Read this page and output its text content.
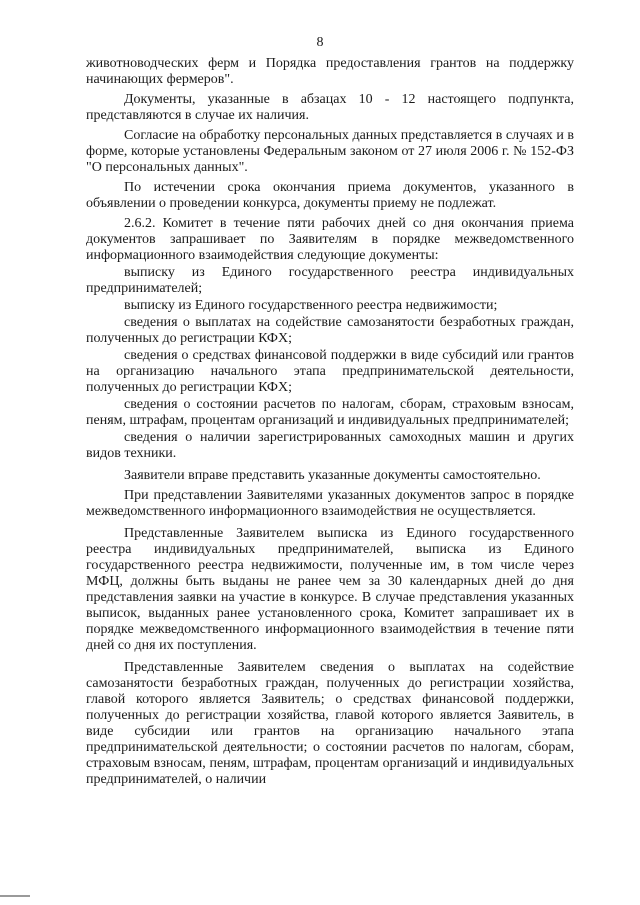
8

животноводческих ферм и Порядка предоставления грантов на поддержку начинающих фермеров".

Документы, указанные в абзацах 10 - 12 настоящего подпункта, представляются в случае их наличия.

Согласие на обработку персональных данных представляется в случаях и в форме, которые установлены Федеральным законом от 27 июля 2006 г. № 152-ФЗ "О персональных данных".

По истечении срока окончания приема документов, указанного в объявлении о проведении конкурса, документы приему не подлежат.

2.6.2. Комитет в течение пяти рабочих дней со дня окончания приема документов запрашивает по Заявителям в порядке межведомственного информационного взаимодействия следующие документы:

выписку из Единого государственного реестра индивидуальных предпринимателей;

выписку из Единого государственного реестра недвижимости;

сведения о выплатах на содействие самозанятости безработных граждан, полученных до регистрации КФХ;

сведения о средствах финансовой поддержки в виде субсидий или грантов на организацию начального этапа предпринимательской деятельности, полученных до регистрации КФХ;

сведения о состоянии расчетов по налогам, сборам, страховым взносам, пеням, штрафам, процентам организаций и индивидуальных предпринимателей;

сведения о наличии зарегистрированных самоходных машин и других видов техники.

Заявители вправе представить указанные документы самостоятельно.

При представлении Заявителями указанных документов запрос в порядке межведомственного информационного взаимодействия не осуществляется.

Представленные Заявителем выписка из Единого государственного реестра индивидуальных предпринимателей, выписка из Единого государственного реестра недвижимости, полученные им, в том числе через МФЦ, должны быть выданы не ранее чем за 30 календарных дней до дня представления заявки на участие в конкурсе. В случае представления указанных выписок, выданных ранее установленного срока, Комитет запрашивает их в порядке межведомственного информационного взаимодействия в течение пяти дней со дня их поступления.

Представленные Заявителем сведения о выплатах на содействие самозанятости безработных граждан, полученных до регистрации хозяйства, главой которого является Заявитель; о средствах финансовой поддержки, полученных до регистрации хозяйства, главой которого является Заявитель, в виде субсидии или грантов на организацию начального этапа предпринимательской деятельности; о состоянии расчетов по налогам, сборам, страховым взносам, пеням, штрафам, процентам организаций и индивидуальных предпринимателей, о наличии
